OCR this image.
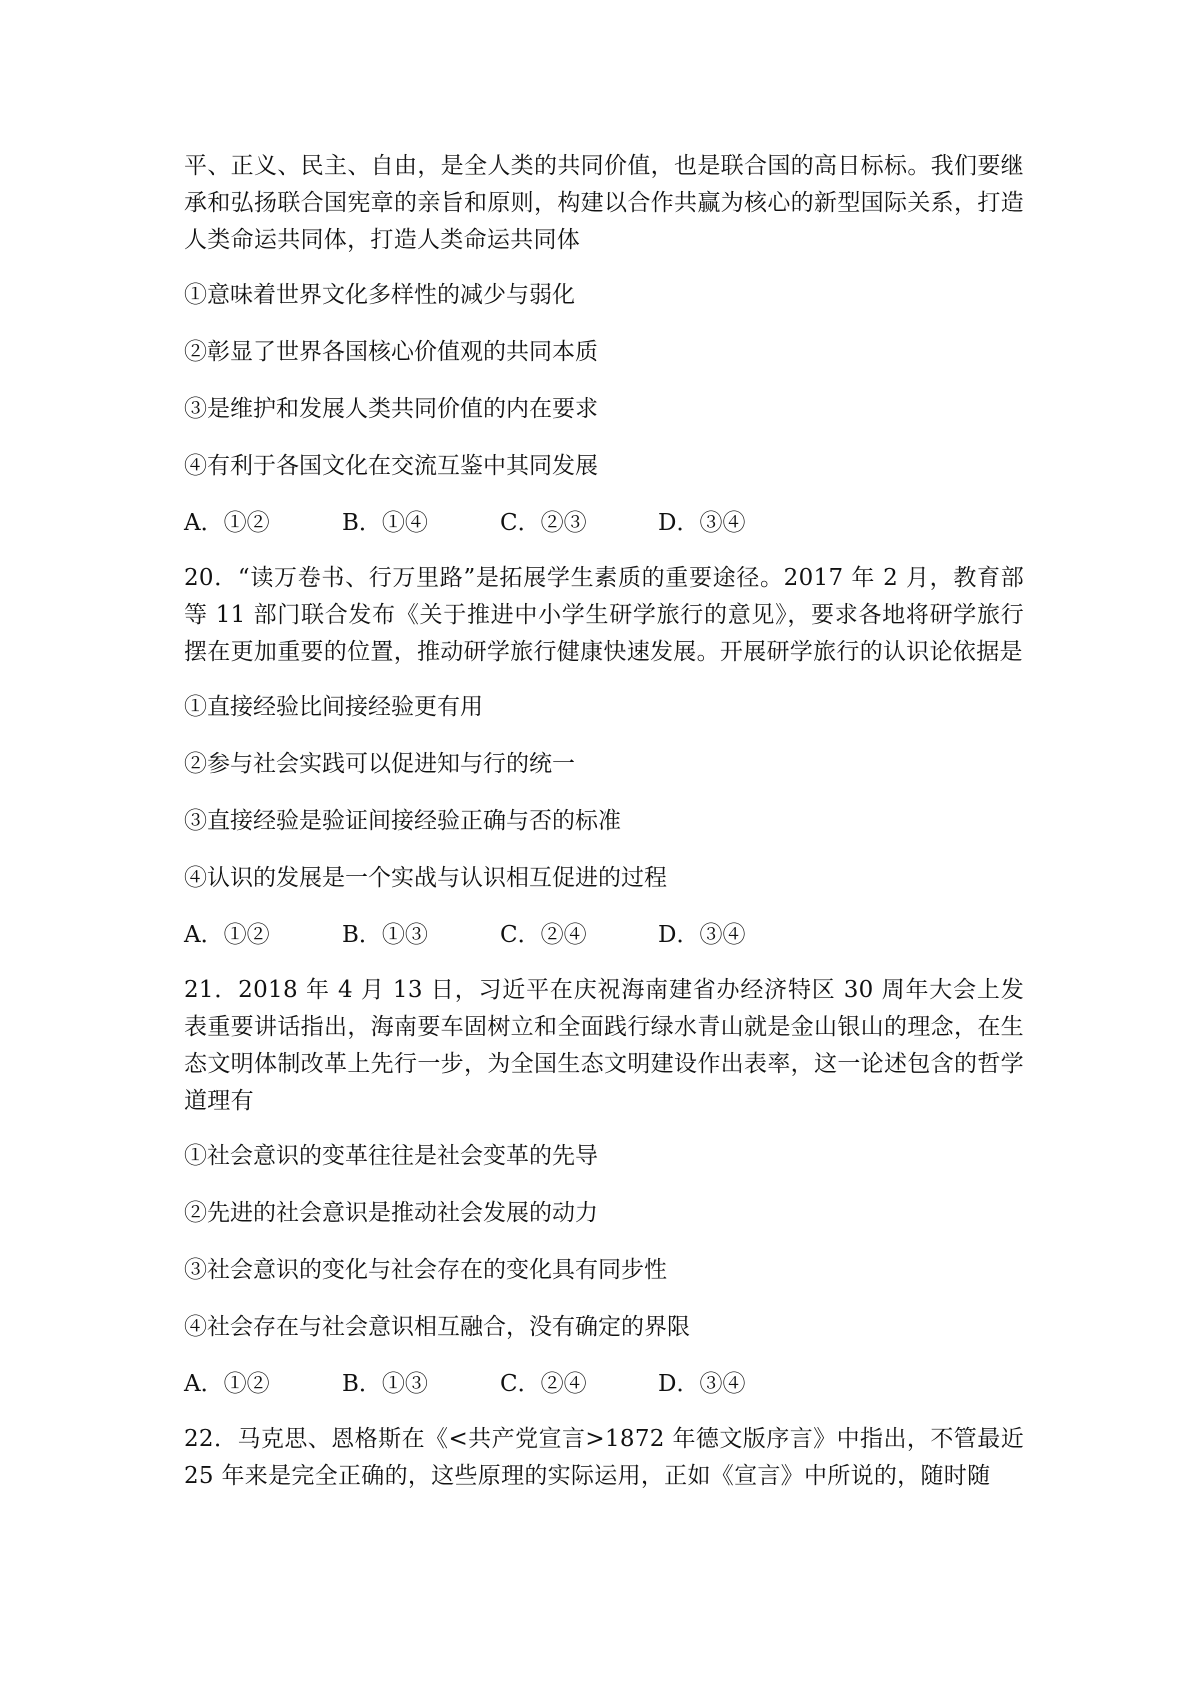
平、正义、民主、自由，是全人类的共同价值，也是联合国的高日标标。我们要继承和弘扬联合国宪章的亲旨和原则，构建以合作共赢为核心的新型国际关系，打造人类命运共同体，打造人类命运共同体

①意味着世界文化多样性的减少与弱化

②彰显了世界各国核心价值观的共同本质

③是维护和发展人类共同价值的内在要求

④有利于各国文化在交流互鉴中其同发展

A．①②	B．①④	C．②③	D．③④

20．“读万卷书、行万里路”是拓展学生素质的重要途径。2017 年 2 月，教育部等 11 部门联合发布《关于推进中小学生研学旅行的意见》，要求各地将研学旅行摆在更加重要的位置，推动研学旅行健康快速发展。开展研学旅行的认识论依据是

①直接经验比间接经验更有用

②参与社会实践可以促进知与行的统一

③直接经验是验证间接经验正确与否的标准

④认识的发展是一个实战与认识相互促进的过程

A．①②	B．①③	C．②④	D．③④

21．2018 年 4 月 13 日，习近平在庆祝海南建省办经济特区 30 周年大会上发表重要讲话指出，海南要车固树立和全面践行绿水青山就是金山银山的理念，在生态文明体制改革上先行一步，为全国生态文明建设作出表率，这一论述包含的哲学道理有

①社会意识的变革往往是社会变革的先导

②先进的社会意识是推动社会发展的动力

③社会意识的变化与社会存在的变化具有同步性

④社会存在与社会意识相互融合，没有确定的界限

A．①②	B．①③	C．②④	D．③④

22．马克思、恩格斯在《<共产党宣言>1872 年德文版序言》中指出，不管最近 25 年来是完全正确的，这些原理的实际运用，正如《宣言》中所说的，随时随
